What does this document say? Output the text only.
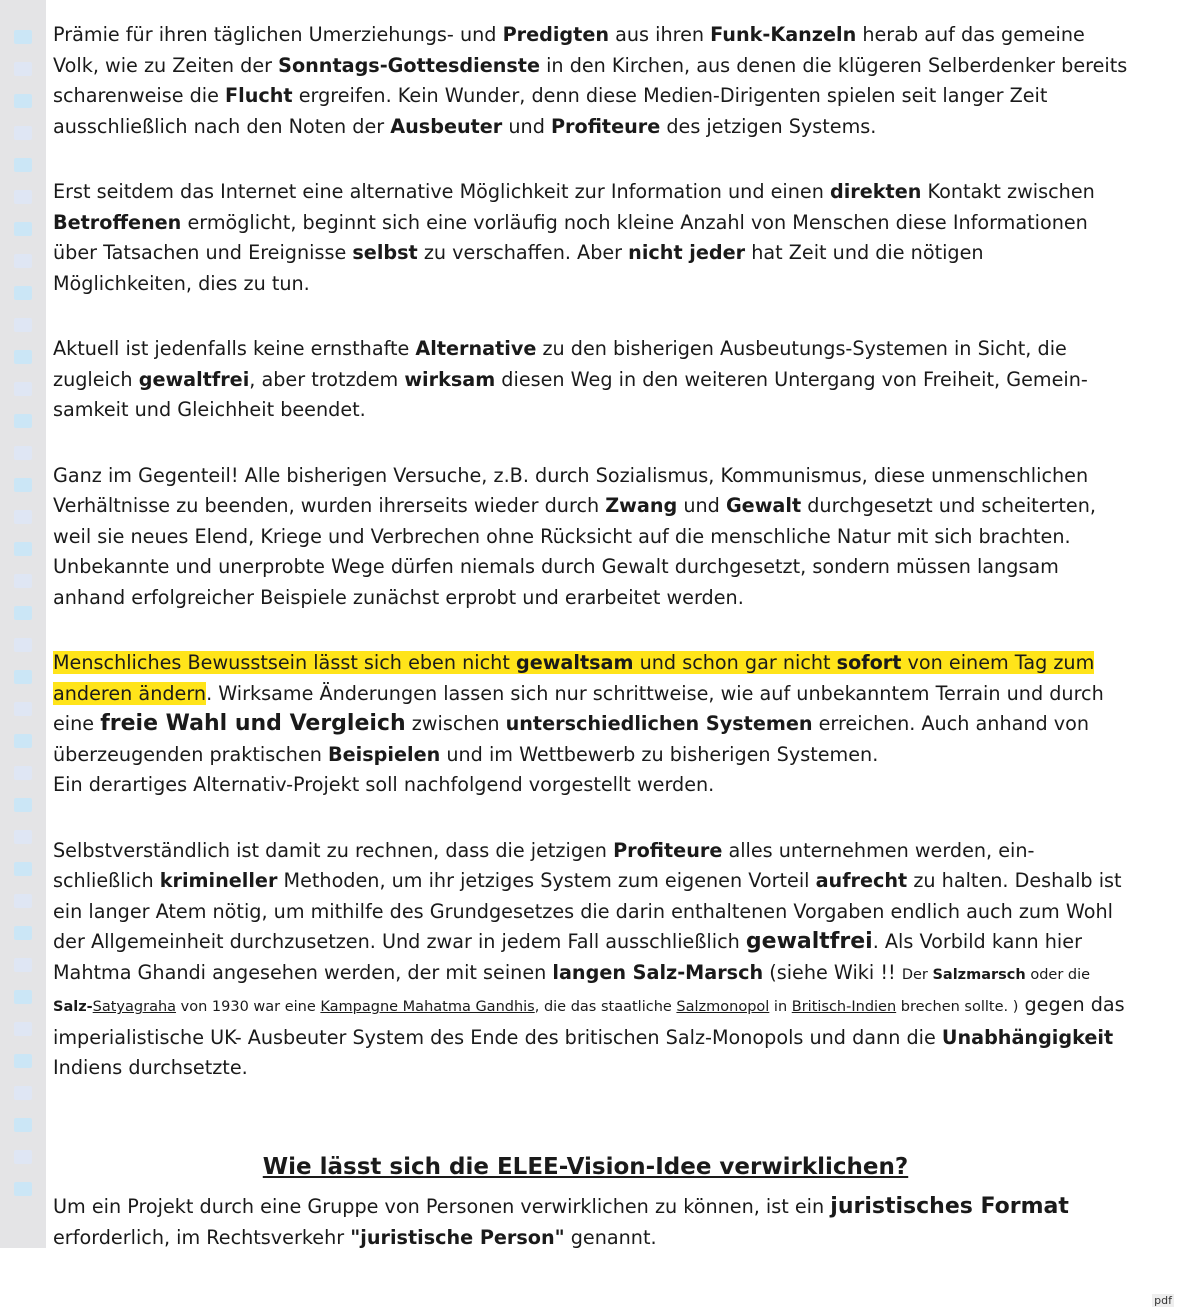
Prämie für ihren täglichen Umerziehungs- und Predigten aus ihren Funk-Kanzeln herab auf das gemeine Volk, wie zu Zeiten der Sonntags-Gottesdienste in den Kirchen, aus denen die klügeren Selberdenker bereits scharenweise die Flucht ergreifen. Kein Wunder, denn diese Medien-Dirigenten spielen seit langer Zeit ausschließlich nach den Noten der Ausbeuter und Profiteure des jetzigen Systems.

Erst seitdem das Internet eine alternative Möglichkeit zur Information und einen direkten Kontakt zwischen Betroffenen ermöglicht, beginnt sich eine vorläufig noch kleine Anzahl von Menschen diese Informationen über Tatsachen und Ereignisse selbst zu verschaffen. Aber nicht jeder hat Zeit und die nötigen Möglichkeiten, dies zu tun.

Aktuell ist jedenfalls keine ernsthafte Alternative zu den bisherigen Ausbeutungs-Systemen in Sicht, die zugleich gewaltfrei, aber trotzdem wirksam diesen Weg in den weiteren Untergang von Freiheit, Gemein-samkeit und Gleichheit beendet.

Ganz im Gegenteil! Alle bisherigen Versuche, z.B. durch Sozialismus, Kommunismus, diese unmenschlichen Verhältnisse zu beenden, wurden ihrerseits wieder durch Zwang und Gewalt durchgesetzt und scheiterten, weil sie neues Elend, Kriege und Verbrechen ohne Rücksicht auf die menschliche Natur mit sich brachten. Unbekannte und unerprobte Wege dürfen niemals durch Gewalt durchgesetzt, sondern müssen langsam anhand erfolgreicher Beispiele zunächst erprobt und erarbeitet werden.

Menschliches Bewusstsein lässt sich eben nicht gewaltsam und schon gar nicht sofort von einem Tag zum anderen ändern. Wirksame Änderungen lassen sich nur schrittweise, wie auf unbekanntem Terrain und durch eine freie Wahl und Vergleich zwischen unterschiedlichen Systemen erreichen. Auch anhand von überzeugenden praktischen Beispielen und im Wettbewerb zu bisherigen Systemen.
Ein derartiges Alternativ-Projekt soll nachfolgend vorgestellt werden.

Selbstverständlich ist damit zu rechnen, dass die jetzigen Profiteure alles unternehmen werden, ein-schließlich krimineller Methoden, um ihr jetziges System zum eigenen Vorteil aufrecht zu halten. Deshalb ist ein langer Atem nötig, um mithilfe des Grundgesetzes die darin enthaltenen Vorgaben endlich auch zum Wohl der Allgemeinheit durchzusetzen. Und zwar in jedem Fall ausschließlich gewaltfrei. Als Vorbild kann hier Mahtma Ghandi angesehen werden, der mit seinen langen Salz-Marsch (siehe Wiki !! Der Salzmarsch oder die Salz-Satyagraha von 1930 war eine Kampagne Mahatma Gandhis, die das staatliche Salzmonopol in Britisch-Indien brechen sollte. ) gegen das imperialistische UK- Ausbeuter System des Ende des britischen Salz-Monopols und dann die Unabhängigkeit Indiens durchsetzte.

Wie lässt sich die ELEE-Vision-Idee verwirklichen?

Um ein Projekt durch eine Gruppe von Personen verwirklichen zu können, ist ein juristisches Format erforderlich, im Rechtsverkehr "juristische Person" genannt.

pdf
